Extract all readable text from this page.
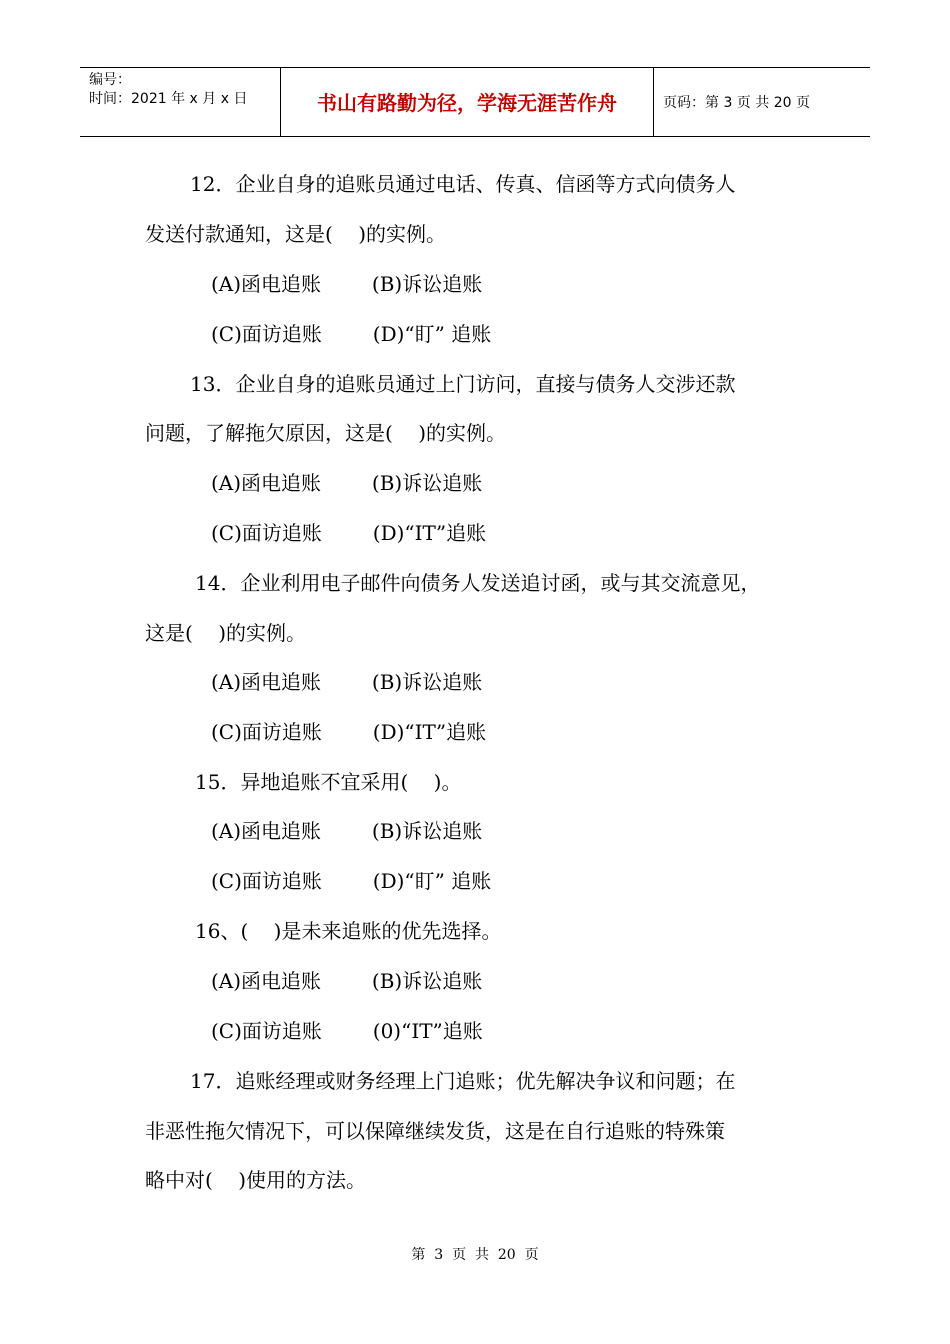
编号：
时间：2021 年 x 月 x 日	书山有路勤为径，学海无涯苦作舟	页码：第 3 页 共 20 页
12．企业自身的追账员通过电话、传真、信函等方式向债务人
发送付款通知，这是(    )的实例。
(A)函电追账        (B)诉讼追账
(C)面访追账        (D)“盯” 追账
13．企业自身的追账员通过上门访问，直接与债务人交涉还款
问题，了解拖欠原因，这是(    )的实例。
(A)函电追账        (B)诉讼追账
(C)面访追账        (D)“IT”追账
14．企业利用电子邮件向债务人发送追讨函，或与其交流意见，
这是(    )的实例。
(A)函电追账        (B)诉讼追账
(C)面访追账        (D)“IT”追账
15．异地追账不宜采用(    )。
(A)函电追账        (B)诉讼追账
(C)面访追账        (D)“盯” 追账
16、(    )是未来追账的优先选择。
(A)函电追账        (B)诉讼追账
(C)面访追账        (0)“IT”追账
17．追账经理或财务经理上门追账；优先解决争议和问题；在
非恶性拖欠情况下，可以保障继续发货，这是在自行追账的特殊策
略中对(    )使用的方法。
第  3  页  共  20  页
